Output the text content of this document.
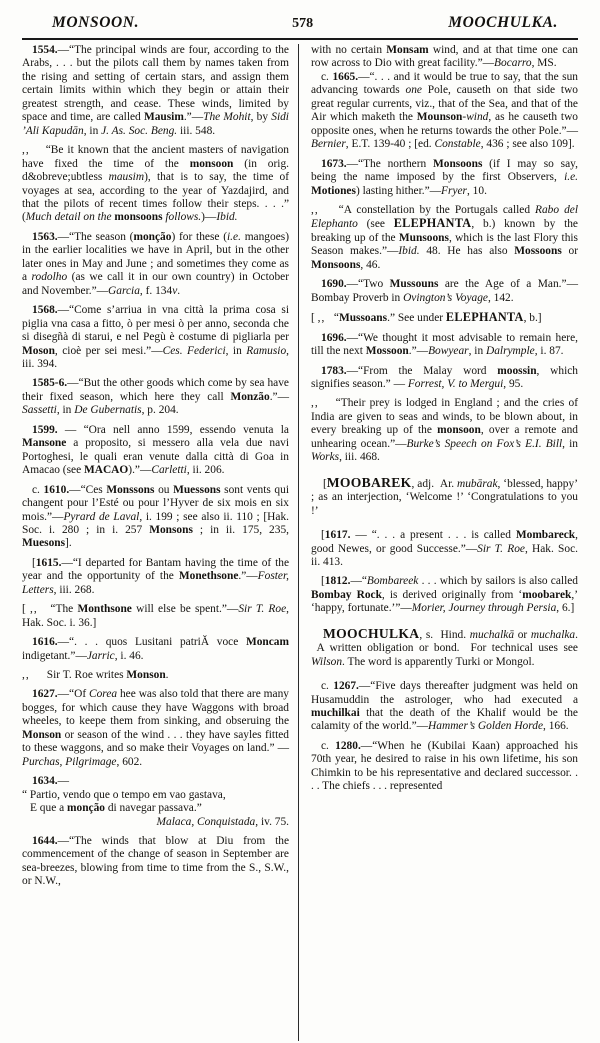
MONSOON.	578	MOOCHULKA.

1554.—“The principal winds are four, according to the Arabs, . . . but the pilots call them by names taken from the rising and setting of certain stars, and assign them certain limits within which they begin or attain their greatest strength, and cease. These winds, limited by space and time, are called Mausim.”—The Mohit, by Sidi ’Ali Kapudān, in J. As. Soc. Beng. iii. 548.

,,    “Be it known that the ancient masters of navigation have fixed the time of the monsoon (in orig. d&obreve;ubtless mausim), that is to say, the time of voyages at sea, according to the year of Yazdajird, and that the pilots of recent times follow their steps. . . .” (Much detail on the monsoons follows.)—Ibid.

1563.—“The season (monção) for these (i.e. mangoes) in the earlier localities we have in April, but in the other later ones in May and June ; and sometimes they come as a rodolho (as we call it in our own country) in October and November.”—Garcia, f. 134v.

1568.—“Come s’arriua in vna città la prima cosa si piglia vna casa a fitto, ò per mesi ò per anno, seconda che si disegñà di starui, e nel Pegù è costume di pigliarla per Moson, cioè per sei mesi.”—Ces. Federici, in Ramusio, iii. 394.

1585-6.—“But the other goods which come by sea have their fixed season, which here they call Monzão.”—Sassetti, in De Gubernatis, p. 204.

1599. — “Ora nell anno 1599, essendo venuta la Mansone a proposito, si messero alla vela due navi Portoghesi, le quali eran venute dalla città di Goa in Amacao (see MACAO).”—Carletti, ii. 206.

c. 1610.—“Ces Monssons ou Muessons sont vents qui changent pour l’Esté ou pour l’Hyver de six mois en six mois.”—Pyrard de Laval, i. 199 ; see also ii. 110 ; [Hak. Soc. i. 280 ; in i. 257 Monsons ; in ii. 175, 235, Muesons].

[1615.—“I departed for Bantam having the time of the year and the opportunity of the Monethsone.”—Foster, Letters, iii. 268.

[ ,,   “The Monthsone will else be spent.”—Sir T. Roe, Hak. Soc. i. 36.]

1616.—“. . . quos Lusitani patriĂ voce Moncam indigetant.”—Jarric, i. 46.

,,      Sir T. Roe writes Monson.

1627.—“Of Corea hee was also told that there are many bogges, for which cause they have Waggons with broad wheeles, to keepe them from sinking, and obseruing the Monson or season of the wind . . . they have sayles fitted to these waggons, and so make their Voyages on land.” — Purchas, Pilgrimage, 602.

1634.—

“ Partio, vendo que o tempo em vao gastava,

E que a monção di navegar passava.”

Malaca, Conquistada, iv. 75.

1644.—“The winds that blow at Diu from the commencement of the change of season in September are sea-breezes, blowing from time to time from the S., S.W., or N.W.,

with no certain Monsam wind, and at that time one can row across to Dio with great facility.”—Bocarro, MS.

c. 1665.—“. . . and it would be true to say, that the sun advancing towards one Pole, causeth on that side two great regular currents, viz., that of the Sea, and that of the Air which maketh the Mounson-wind, as he causeth two opposite ones, when he returns towards the other Pole.”—Bernier, E.T. 139-40 ; [ed. Constable, 436 ; see also 109].

1673.—“The northern Monsoons (if I may so say, being the name imposed by the first Observers, i.e. Motiones) lasting hither.”—Fryer, 10.

,,    “A constellation by the Portugals called Rabo del Elephanto (see ELEPHANTA, b.) known by the breaking up of the Munsoons, which is the last Flory this Season makes.”—Ibid. 48. He has also Mossoons or Monsoons, 46.

1690.—“Two Mussouns are the Age of a Man.”—Bombay Proverb in Ovington’s Voyage, 142.

[ ,,   “Mussoans.” See under ELEPHANTA, b.]

1696.—“We thought it most advisable to remain here, till the next Mossoon.”—Bowyear, in Dalrymple, i. 87.

1783.—“From the Malay word moossin, which signifies season.” — Forrest, V. to Mergui, 95.

,,    “Their prey is lodged in England ; and the cries of India are given to seas and winds, to be blown about, in every breaking up of the monsoon, over a remote and unhearing ocean.”—Burke’s Speech on Fox’s E.I. Bill, in Works, iii. 468.

[MOOBAREK, adj.  Ar. mubārak, ‘blessed, happy’ ; as an interjection, ‘Welcome !’ ‘Congratulations to you !’

[1617. — “. . . a present . . . is called Mombareck, good Newes, or good Successe.”—Sir T. Roe, Hak. Soc. ii. 413.

[1812.—“Bombareek . . . which by sailors is also called Bombay Rock, is derived originally from ‘moobarek,’ ‘happy, fortunate.’”—Morier, Journey through Persia, 6.]

MOOCHULKA, s.  Hind. muchalkā or muchalka.  A written obligation or bond.  For technical uses see Wilson. The word is apparently Turki or Mongol.

c. 1267.—“Five days thereafter judgment was held on Husamuddin the astrologer, who had executed a muchilkai that the death of the Khalif would be the calamity of the world.”—Hammer’s Golden Horde, 166.

c. 1280.—“When he (Kubilai Kaan) approached his 70th year, he desired to raise in his own lifetime, his son Chimkin to be his representative and declared successor. . . . The chiefs . . . represented
